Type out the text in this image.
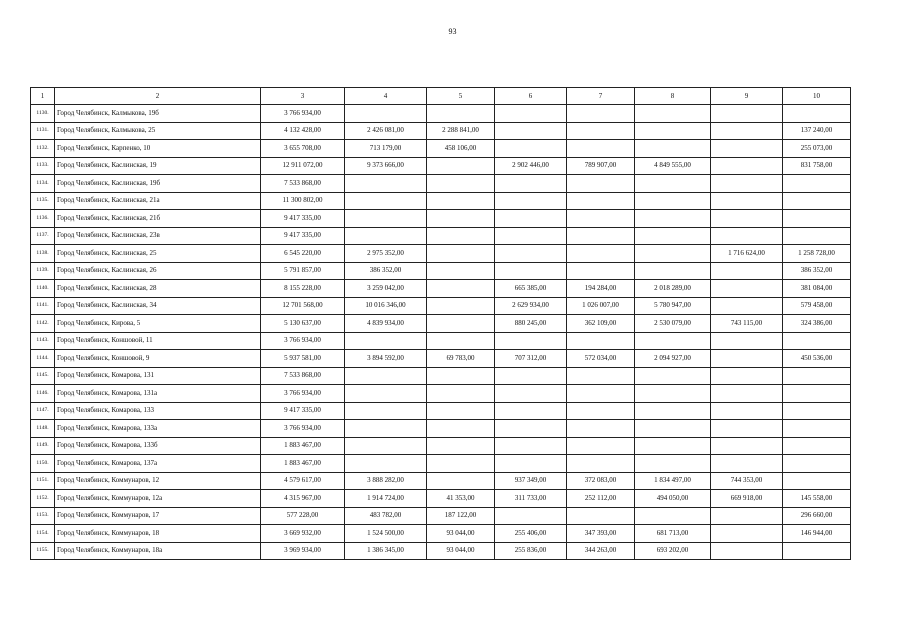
93
1	2	3	4	5	6	7	8	9	10
1130.	Город Челябинск, Калмыкова, 19б	3 766 934,00							
1131.	Город Челябинск, Калмыкова, 25	4 132 428,00	2 426 081,00	2 288 841,00					137 240,00
1132.	Город Челябинск, Карпенко, 10	3 655 708,00	713 179,00	458 106,00					255 073,00
1133.	Город Челябинск, Каслинская, 19	12 911 072,00	9 373 666,00		2 902 446,00	789 907,00	4 849 555,00		831 758,00
1134.	Город Челябинск, Каслинская, 19б	7 533 868,00							
1135.	Город Челябинск, Каслинская, 21а	11 300 802,00							
1136.	Город Челябинск, Каслинская, 21б	9 417 335,00							
1137.	Город Челябинск, Каслинская, 23в	9 417 335,00							
1138.	Город Челябинск, Каслинская, 25	6 545 220,00	2 975 352,00					1 716 624,00	1 258 728,00
1139.	Город Челябинск, Каслинская, 26	5 791 857,00	386 352,00						386 352,00
1140.	Город Челябинск, Каслинская, 28	8 155 228,00	3 259 042,00		665 385,00	194 284,00	2 018 289,00		381 084,00
1141.	Город Челябинск, Каслинская, 34	12 701 568,00	10 016 346,00		2 629 934,00	1 026 007,00	5 780 947,00		579 458,00
1142.	Город Челябинск, Кирова, 5	5 130 637,00	4 839 934,00		880 245,00	362 109,00	2 530 079,00	743 115,00	324 386,00
1143.	Город Челябинск, Коншовой, 11	3 766 934,00							
1144.	Город Челябинск, Коншовой, 9	5 937 581,00	3 894 592,00	69 783,00	707 312,00	572 034,00	2 094 927,00		450 536,00
1145.	Город Челябинск, Комарова, 131	7 533 868,00							
1146.	Город Челябинск, Комарова, 131а	3 766 934,00							
1147.	Город Челябинск, Комарова, 133	9 417 335,00							
1148.	Город Челябинск, Комарова, 133а	3 766 934,00							
1149.	Город Челябинск, Комарова, 133б	1 883 467,00							
1150.	Город Челябинск, Комарова, 137а	1 883 467,00							
1151.	Город Челябинск, Коммунаров, 12	4 579 617,00	3 888 282,00		937 349,00	372 083,00	1 834 497,00	744 353,00	
1152.	Город Челябинск, Коммунаров, 12а	4 315 967,00	1 914 724,00	41 353,00	311 733,00	252 112,00	494 050,00	669 918,00	145 558,00
1153.	Город Челябинск, Коммунаров, 17	577 228,00	483 782,00	187 122,00					296 660,00
1154.	Город Челябинск, Коммунаров, 18	3 669 932,00	1 524 500,00	93 044,00	255 406,00	347 393,00	681 713,00		146 944,00
1155.	Город Челябинск, Коммунаров, 18а	3 969 934,00	1 386 345,00	93 044,00	255 836,00	344 263,00	693 202,00		
